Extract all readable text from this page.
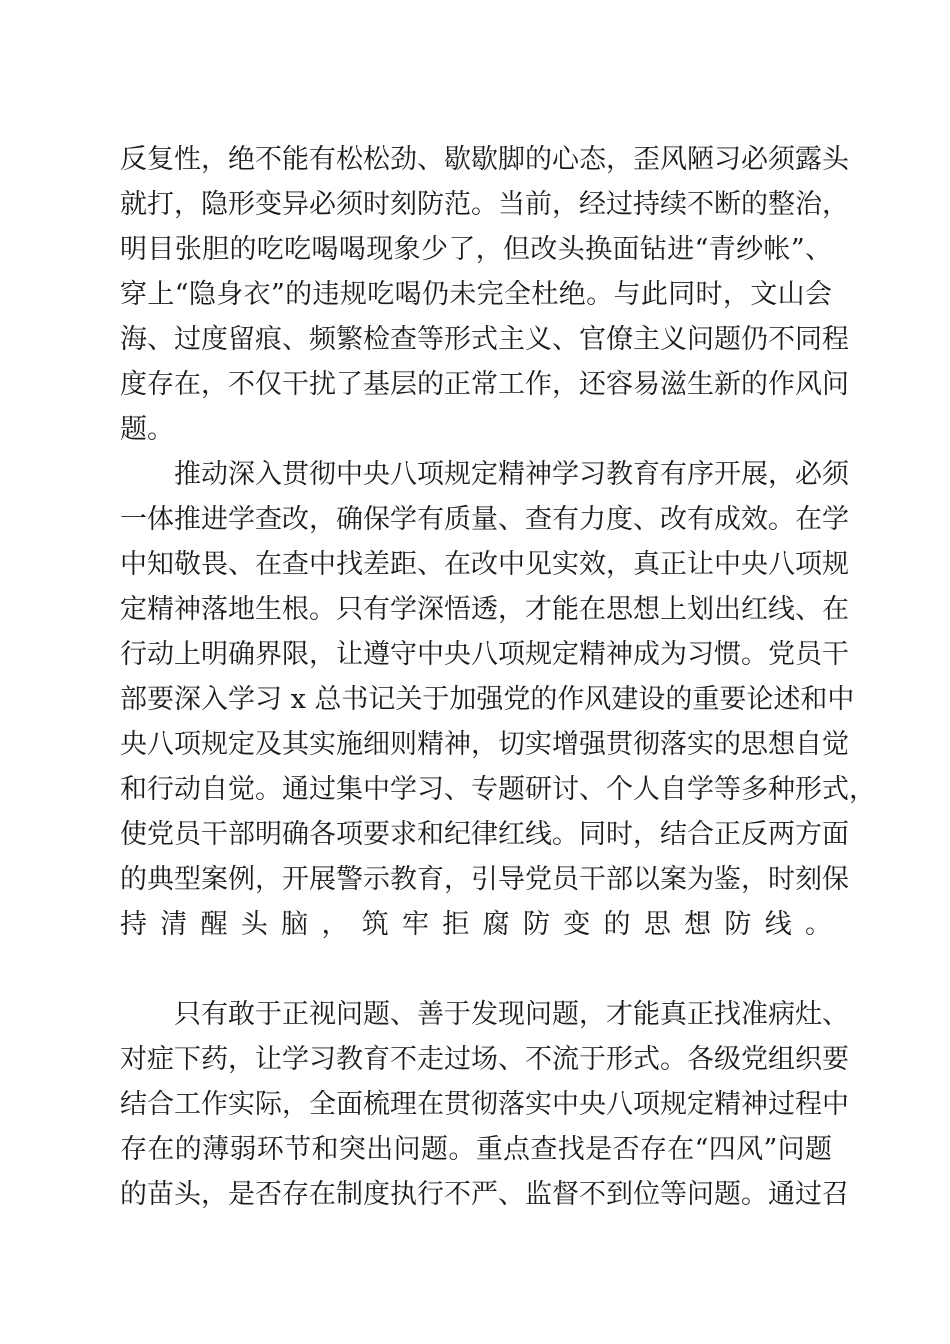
反复性，绝不能有松松劲、歇歇脚的心态，歪风陋习必须露头
就打，隐形变异必须时刻防范。当前，经过持续不断的整治，
明目张胆的吃吃喝喝现象少了，但改头换面钻进“青纱帐”、
穿上“隐身衣”的违规吃喝仍未完全杜绝。与此同时，文山会
海、过度留痕、频繁检查等形式主义、官僚主义问题仍不同程
度存在，不仅干扰了基层的正常工作，还容易滋生新的作风问
题。
推动深入贯彻中央八项规定精神学习教育有序开展，必须
一体推进学查改，确保学有质量、查有力度、改有成效。在学
中知敬畏、在查中找差距、在改中见实效，真正让中央八项规
定精神落地生根。只有学深悟透，才能在思想上划出红线、在
行动上明确界限，让遵守中央八项规定精神成为习惯。党员干
部要深入学习 x 总书记关于加强党的作风建设的重要论述和中
央八项规定及其实施细则精神，切实增强贯彻落实的思想自觉
和行动自觉。通过集中学习、专题研讨、个人自学等多种形式，
使党员干部明确各项要求和纪律红线。同时，结合正反两方面
的典型案例，开展警示教育，引导党员干部以案为鉴，时刻保
持清醒头脑，筑牢拒腐防变的思想防线。
只有敢于正视问题、善于发现问题，才能真正找准病灶、
对症下药，让学习教育不走过场、不流于形式。各级党组织要
结合工作实际，全面梳理在贯彻落实中央八项规定精神过程中
存在的薄弱环节和突出问题。重点查找是否存在“四风”问题
的苗头，是否存在制度执行不严、监督不到位等问题。通过召
